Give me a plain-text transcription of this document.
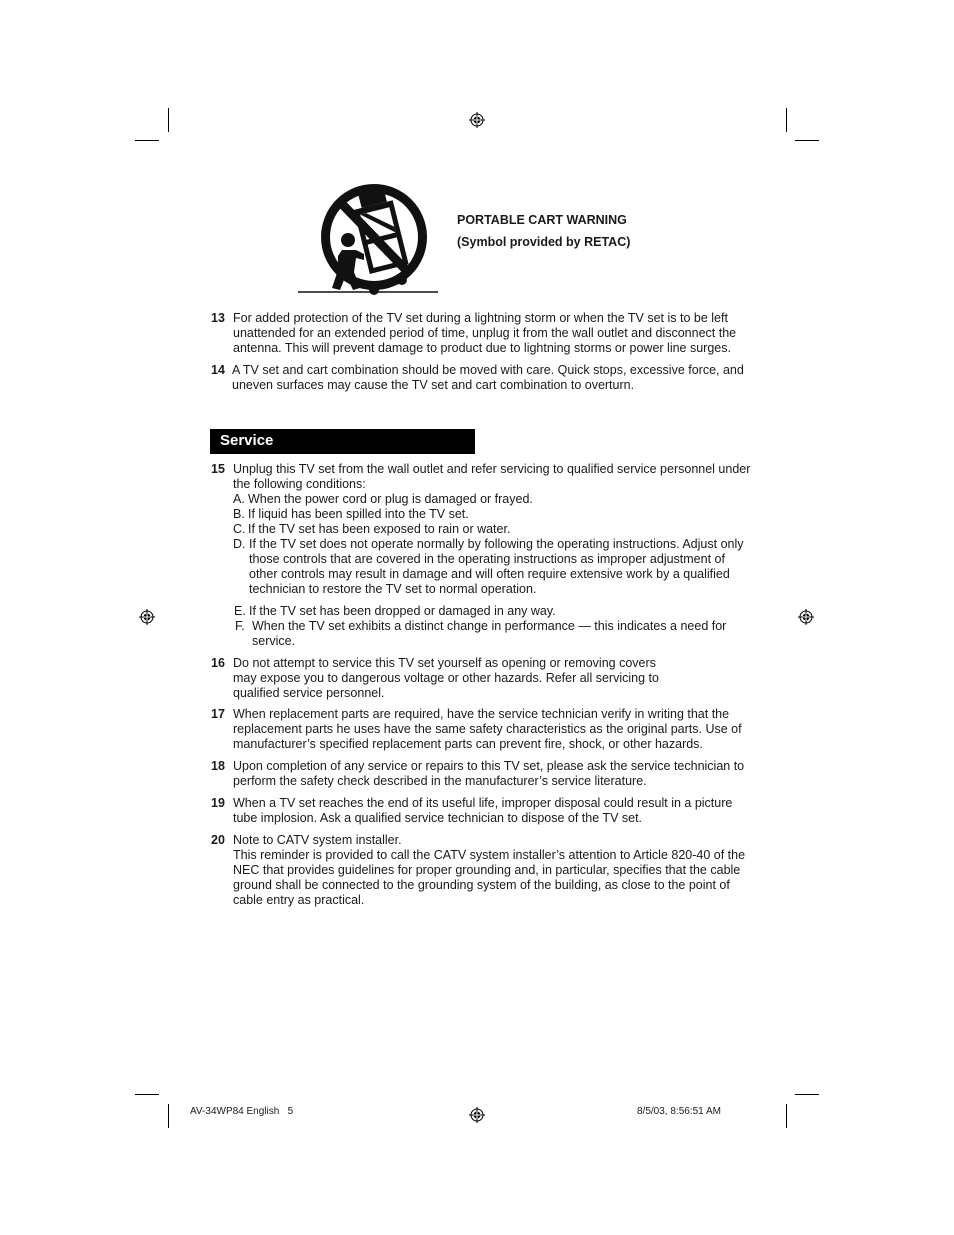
PORTABLE CART WARNING
(Symbol provided by RETAC)
13 For added protection of the TV set during a lightning storm or when the TV set is to be left unattended for an extended period of time, unplug it from the wall outlet and disconnect the antenna. This will prevent damage to product due to lightning storms or power line surges.
14 A TV set and cart combination should be moved with care. Quick stops, excessive force, and uneven surfaces may cause the TV set and cart combination to overturn.
Service
15 Unplug this TV set from the wall outlet and refer servicing to qualified service personnel under the following conditions:
A. When the power cord or plug is damaged or frayed.
B. If liquid has been spilled into the TV set.
C. If the TV set has been exposed to rain or water.
D. If the TV set does not operate normally by following the operating instructions. Adjust only those controls that are covered in the operating instructions as improper adjustment of other controls may result in damage and will often require extensive work by a qualified technician to restore the TV set to normal operation.
E. If the TV set has been dropped or damaged in any way.
F. When the TV set exhibits a distinct change in performance — this indicates a need for service.
16 Do not attempt to service this TV set yourself as opening or removing covers may expose you to dangerous voltage or other hazards. Refer all servicing to qualified service personnel.
17 When replacement parts are required, have the service technician verify in writing that the replacement parts he uses have the same safety characteristics as the original parts. Use of manufacturer’s specified replacement parts can prevent fire, shock, or other hazards.
18 Upon completion of any service or repairs to this TV set, please ask the service technician to perform the safety check described in the manufacturer’s service literature.
19 When a TV set reaches the end of its useful life, improper disposal could result in a picture tube implosion. Ask a qualified service technician to dispose of the TV set.
20 Note to CATV system installer.
This reminder is provided to call the CATV system installer’s attention to Article 820-40 of the NEC that provides guidelines for proper grounding and, in particular, specifies that the cable ground shall be connected to the grounding system of the building, as close to the point of cable entry as practical.
AV-34WP84 English   5	8/5/03, 8:56:51 AM
